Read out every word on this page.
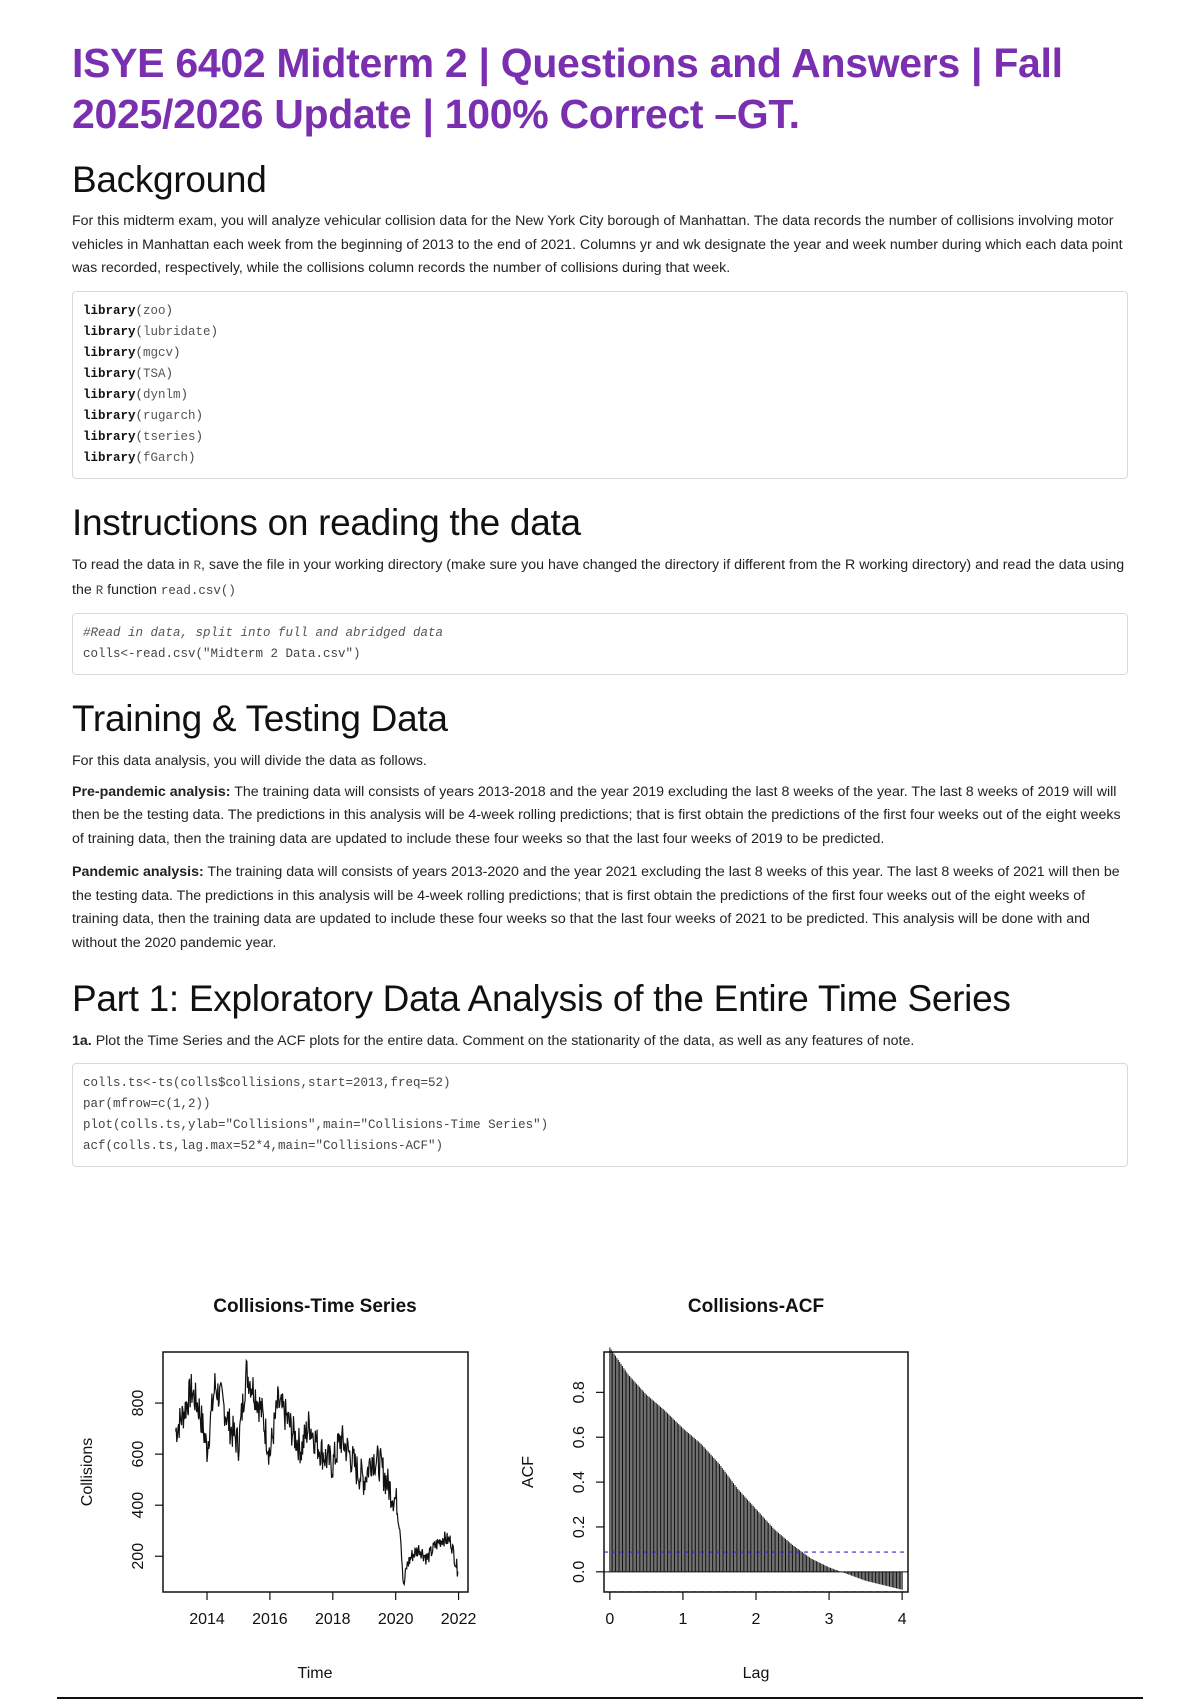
ISYE 6402 Midterm 2 | Questions and Answers | Fall 2025/2026 Update | 100% Correct –GT.
Background

For this midterm exam, you will analyze vehicular collision data for the New York City borough of Manhattan. The data records the number of collisions involving motor vehicles in Manhattan each week from the beginning of 2013 to the end of 2021. Columns yr and wk designate the year and week number during which each data point was recorded, respectively, while the collisions column records the number of collisions during that week.

library(zoo)
library(lubridate)
library(mgcv)
library(TSA)
library(dynlm)
library(rugarch)
library(tseries)
library(fGarch)
Instructions on reading the data

To read the data in R, save the file in your working directory (make sure you have changed the directory if different from the R working directory) and read the data using the R function read.csv()

#Read in data, split into full and abridged data
colls<-read.csv("Midterm 2 Data.csv")
Training & Testing Data

For this data analysis, you will divide the data as follows.

Pre-pandemic analysis: The training data will consists of years 2013-2018 and the year 2019 excluding the last 8 weeks of the year. The last 8 weeks of 2019 will will then be the testing data. The predictions in this analysis will be 4-week rolling predictions; that is first obtain the predictions of the first four weeks out of the eight weeks of training data, then the training data are updated to include these four weeks so that the last four weeks of 2019 to be predicted.

Pandemic analysis: The training data will consists of years 2013-2020 and the year 2021 excluding the last 8 weeks of this year. The last 8 weeks of 2021 will then be the testing data. The predictions in this analysis will be 4-week rolling predictions; that is first obtain the predictions of the first four weeks out of the eight weeks of training data, then the training data are updated to include these four weeks so that the last four weeks of 2021 to be predicted. This analysis will be done with and without the 2020 pandemic year.

Part 1: Exploratory Data Analysis of the Entire Time Series

1a. Plot the Time Series and the ACF plots for the entire data. Comment on the stationarity of the data, as well as any features of note.

colls.ts<-ts(colls$collisions,start=2013,freq=52)
par(mfrow=c(1,2))
plot(colls.ts,ylab="Collisions",main="Collisions-Time Series")
acf(colls.ts,lag.max=52*4,main="Collisions-ACF")
Collisions-Time Series
2014 2016 2018 2020 2022
200
400
600
800
Time
Collisions
Collisions-ACF
0	1	2	3	4
0.0
0.2
0.4
0.6
0.8
Lag
ACF
